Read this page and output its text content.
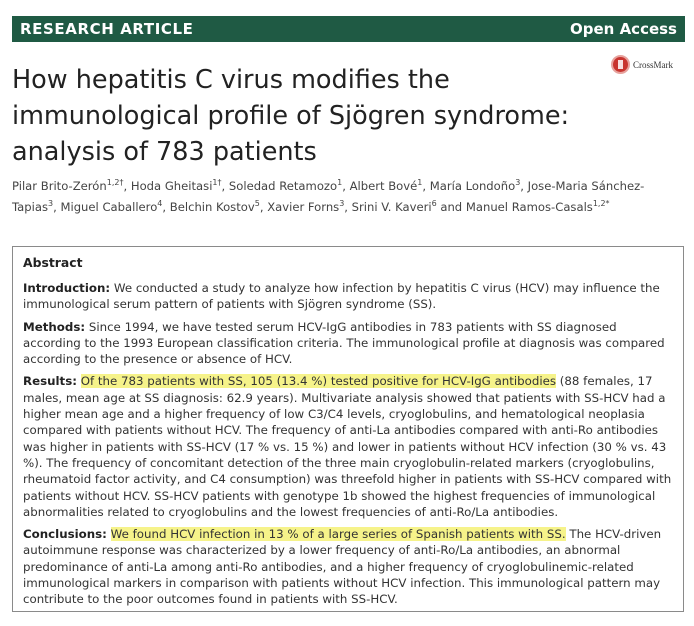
RESEARCH ARTICLE	Open Access
CrossMark
How hepatitis C virus modifies the immunological profile of Sjögren syndrome: analysis of 783 patients

Pilar Brito-Zerón$^{1,2\dagger}$, Hoda Gheitasi$^{1\dagger}$, Soledad Retamozo$^1$, Albert Bové$^1$, María Londoño$^3$, Jose-Maria Sánchez-Tapias$^3$, Miguel Caballero$^4$, Belchin Kostov$^5$, Xavier Forns$^3$, Srini V. Kaveri$^6$ and Manuel Ramos-Casals$^{1,2*}$

Abstract

Introduction: We conducted a study to analyze how infection by hepatitis C virus (HCV) may influence the immunological serum pattern of patients with Sjögren syndrome (SS).

Methods: Since 1994, we have tested serum HCV-IgG antibodies in 783 patients with SS diagnosed according to the 1993 European classification criteria. The immunological profile at diagnosis was compared according to the presence or absence of HCV.

Results: Of the 783 patients with SS, 105 (13.4 %) tested positive for HCV-IgG antibodies (88 females, 17 males, mean age at SS diagnosis: 62.9 years). Multivariate analysis showed that patients with SS-HCV had a higher mean age and a higher frequency of low C3/C4 levels, cryoglobulins, and hematological neoplasia compared with patients without HCV. The frequency of anti-La antibodies compared with anti-Ro antibodies was higher in patients with SS-HCV (17 % vs. 15 %) and lower in patients without HCV infection (30 % vs. 43 %). The frequency of concomitant detection of the three main cryoglobulin-related markers (cryoglobulins, rheumatoid factor activity, and C4 consumption) was threefold higher in patients with SS-HCV compared with patients without HCV. SS-HCV patients with genotype 1b showed the highest frequencies of immunological abnormalities related to cryoglobulins and the lowest frequencies of anti-Ro/La antibodies.

Conclusions: We found HCV infection in 13 % of a large series of Spanish patients with SS. The HCV-driven autoimmune response was characterized by a lower frequency of anti-Ro/La antibodies, an abnormal predominance of anti-La among anti-Ro antibodies, and a higher frequency of cryoglobulinemic-related immunological markers in comparison with patients without HCV infection. This immunological pattern may contribute to the poor outcomes found in patients with SS-HCV.
